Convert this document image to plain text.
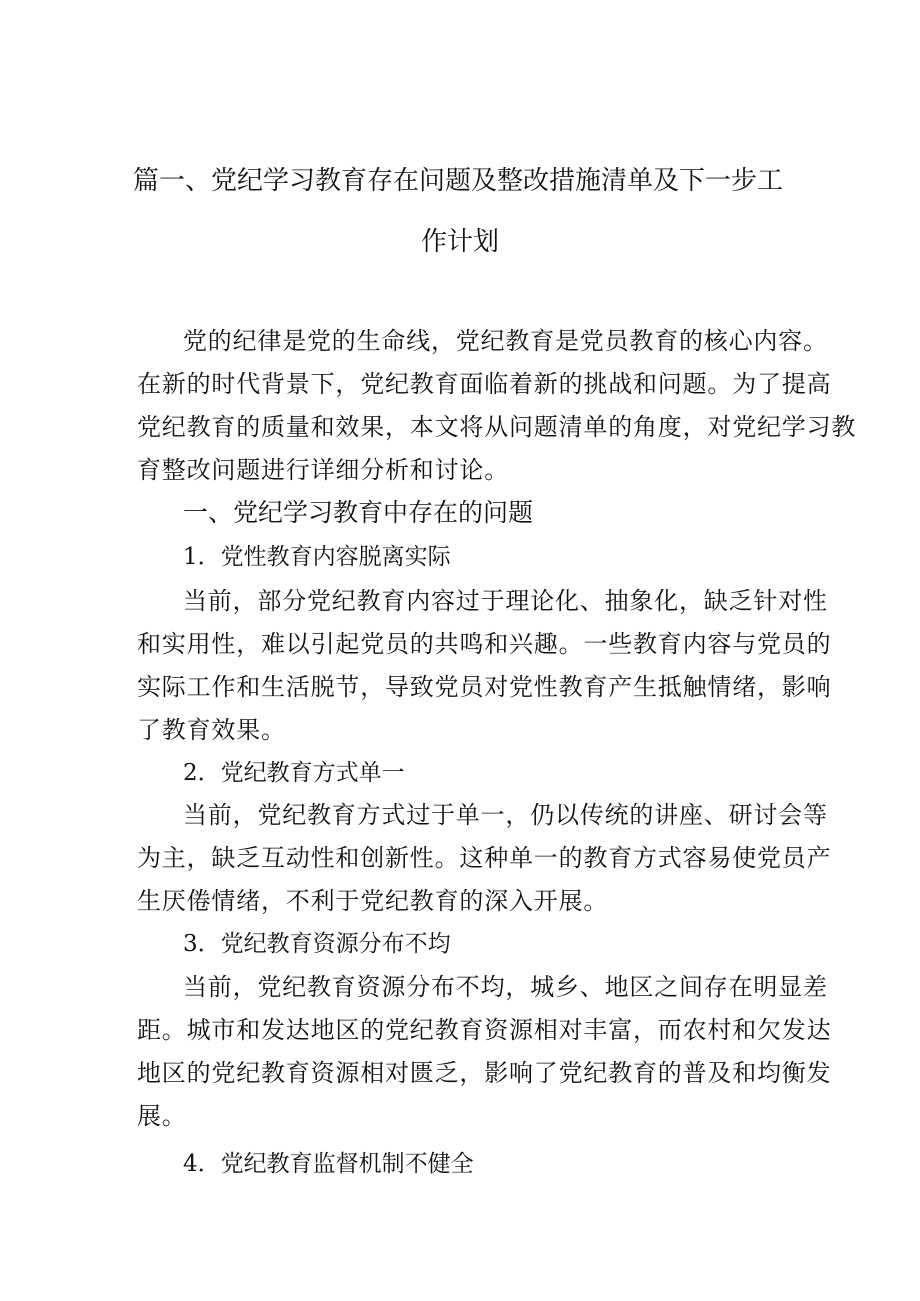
篇一、党纪学习教育存在问题及整改措施清单及下一步工
作计划
党的纪律是党的生命线，党纪教育是党员教育的核心内容。
在新的时代背景下，党纪教育面临着新的挑战和问题。为了提高
党纪教育的质量和效果，本文将从问题清单的角度，对党纪学习教
育整改问题进行详细分析和讨论。
一、党纪学习教育中存在的问题
1．党性教育内容脱离实际
当前，部分党纪教育内容过于理论化、抽象化，缺乏针对性
和实用性，难以引起党员的共鸣和兴趣。一些教育内容与党员的
实际工作和生活脱节，导致党员对党性教育产生抵触情绪，影响
了教育效果。
2．党纪教育方式单一
当前，党纪教育方式过于单一，仍以传统的讲座、研讨会等
为主，缺乏互动性和创新性。这种单一的教育方式容易使党员产
生厌倦情绪，不利于党纪教育的深入开展。
3．党纪教育资源分布不均
当前，党纪教育资源分布不均，城乡、地区之间存在明显差
距。城市和发达地区的党纪教育资源相对丰富，而农村和欠发达
地区的党纪教育资源相对匮乏，影响了党纪教育的普及和均衡发
展。
4．党纪教育监督机制不健全
